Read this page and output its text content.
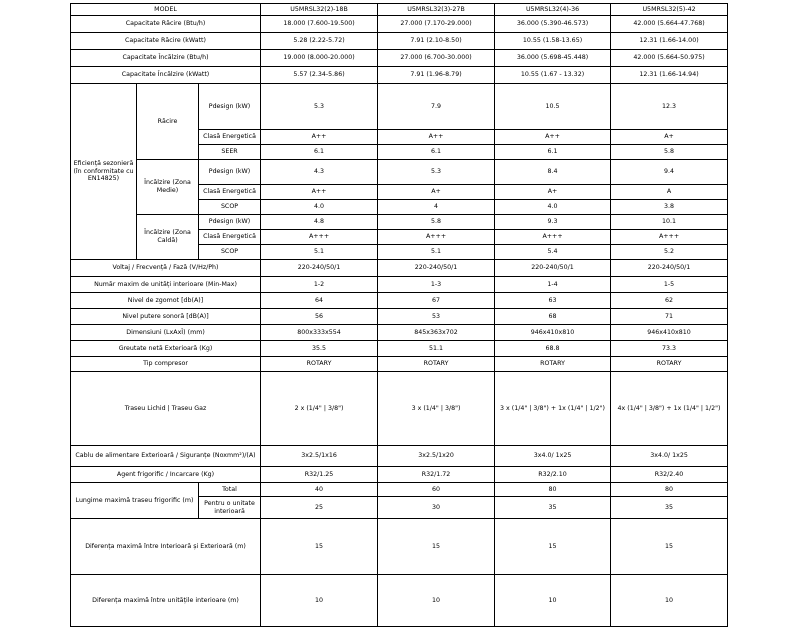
MODEL			U5MRSL32(2)-18B	U5MRSL32(3)-27B	U5MRSL32(4)-36	U5MRSL32(5)-42
Capacitate Răcire (Btu/h)			18.000 (7.600-19.500)	27.000 (7.170-29.000)	36.000 (5.390-46.573)	42.000 (5.664-47.768)
Capacitate Răcire (kWatt)			5.28 (2.22-5.72)	7.91 (2.10-8.50)	10.55 (1.58-13.65)	12.31 (1.66-14.00)
Capacitate Încălzire (Btu/h)			19.000 (8.000-20.000)	27.000 (6.700-30.000)	36.000 (5.698-45.448)	42.000 (5.664-50.975)
Capacitate Încălzire (kWatt)			5.57 (2.34-5.86)	7.91 (1.96-8.79)	10.55 (1.67 - 13.32)	12.31 (1.66-14.94)
Eficiență sezonieră (în conformitate cu EN14825)	Răcire	Pdesign (kW)	5.3	7.9	10.5	12.3
		Clasă Energetică	A++	A++	A++	A+
		SEER	6.1	6.1	6.1	5.8
	Încălzire (Zona Medie)	Pdesign (kW)	4.3	5.3	8.4	9.4
		Clasă Energetică	A++	A+	A+	A
		SCOP	4.0	4	4.0	3.8
	Încălzire (Zona Caldă)	Pdesign (kW)	4.8	5.8	9.3	10.1
		Clasă Energetică	A+++	A+++	A+++	A+++
		SCOP	5.1	5.1	5.4	5.2
Voltaj / Frecvență / Fază (V/Hz/Ph)			220-240/50/1	220-240/50/1	220-240/50/1	220-240/50/1
Număr maxim de unități interioare (Min-Max)			1-2	1-3	1-4	1-5
Nivel de zgomot [db(A)]			64	67	63	62
Nivel putere sonoră [dB(A)]			56	53	68	71
Dimensiuni (LxAxÎ) (mm)			800x333x554	845x363x702	946x410x810	946x410x810
Greutate netă Exterioară (Kg)			35.5	51.1	68.8	73.3
Tip compresor			ROTARY	ROTARY	ROTARY	ROTARY
Traseu Lichid | Traseu Gaz			2 x (1/4" | 3/8")	3 x (1/4" | 3/8")	3 x (1/4" | 3/8") + 1x (1/4" | 1/2")	4x (1/4" | 3/8") + 1x (1/4" | 1/2")
Cablu de alimentare Exterioară / Siguranțe (Noxmm²)/(A)			3x2.5/1x16	3x2.5/1x20	3x4.0/ 1x25	3x4.0/ 1x25
Agent frigorific / Incarcare (Kg)			R32/1.25	R32/1.72	R32/2.10	R32/2.40
Lungime maximă traseu frigorific (m)		Total	40	60	80	80
		Pentru o unitate interioară	25	30	35	35
Diferența maximă între Interioară și Exterioară (m)			15	15	15	15
Diferența maximă între unitățile interioare (m)			10	10	10	10
